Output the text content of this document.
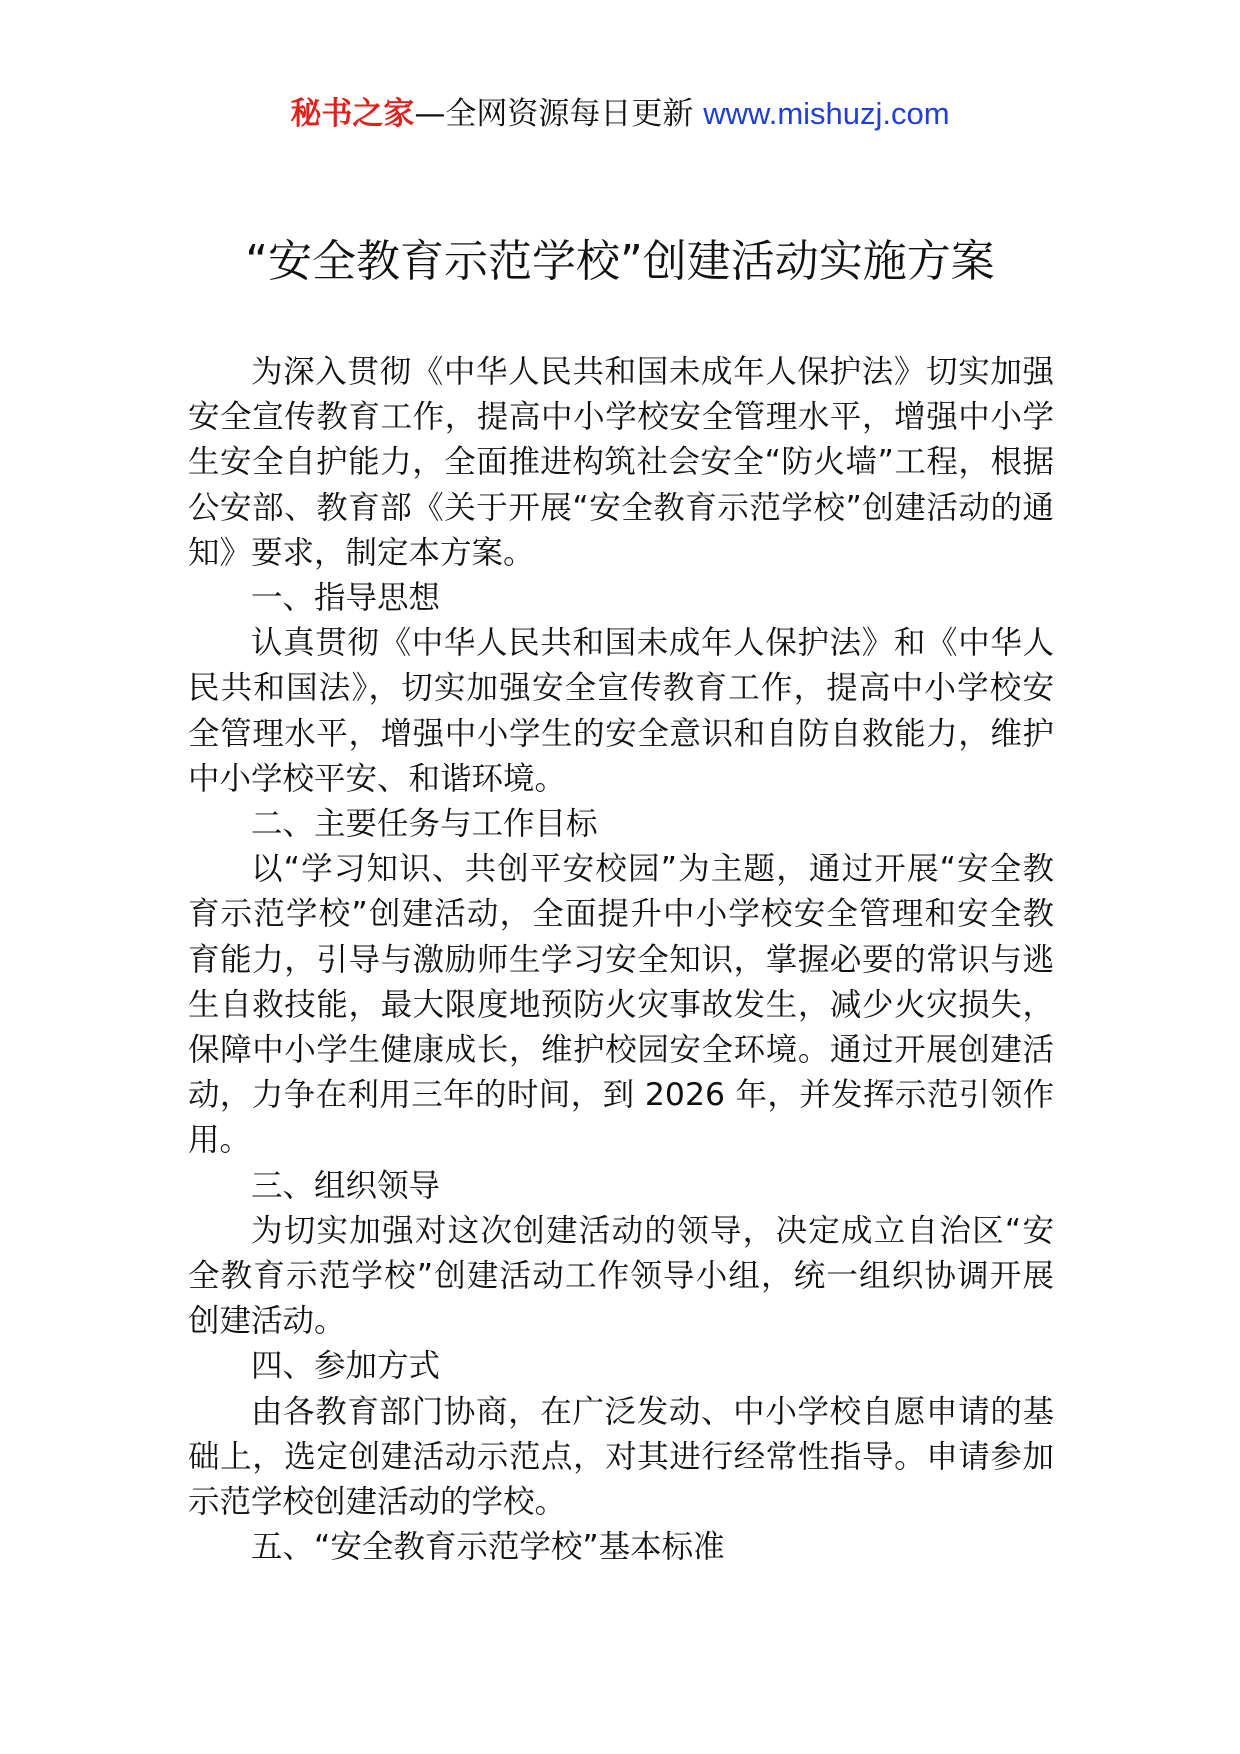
秘书之家—全网资源每日更新 www.mishuzj.com
“安全教育示范学校”创建活动实施方案

为深入贯彻《中华人民共和国未成年人保护法》切实加强安全宣传教育工作，提高中小学校安全管理水平，增强中小学生安全自护能力，全面推进构筑社会安全“防火墙”工程，根据公安部、教育部《关于开展“安全教育示范学校”创建活动的通知》要求，制定本方案。

一、指导思想

认真贯彻《中华人民共和国未成年人保护法》和《中华人民共和国法》，切实加强安全宣传教育工作，提高中小学校安全管理水平，增强中小学生的安全意识和自防自救能力，维护中小学校平安、和谐环境。

二、主要任务与工作目标

以“学习知识、共创平安校园”为主题，通过开展“安全教育示范学校”创建活动，全面提升中小学校安全管理和安全教育能力，引导与激励师生学习安全知识，掌握必要的常识与逃生自救技能，最大限度地预防火灾事故发生，减少火灾损失，保障中小学生健康成长，维护校园安全环境。通过开展创建活动，力争在利用三年的时间，到 2026 年，并发挥示范引领作用。

三、组织领导

为切实加强对这次创建活动的领导，决定成立自治区“安全教育示范学校”创建活动工作领导小组，统一组织协调开展创建活动。

四、参加方式

由各教育部门协商，在广泛发动、中小学校自愿申请的基础上，选定创建活动示范点，对其进行经常性指导。申请参加示范学校创建活动的学校。

五、“安全教育示范学校”基本标准
